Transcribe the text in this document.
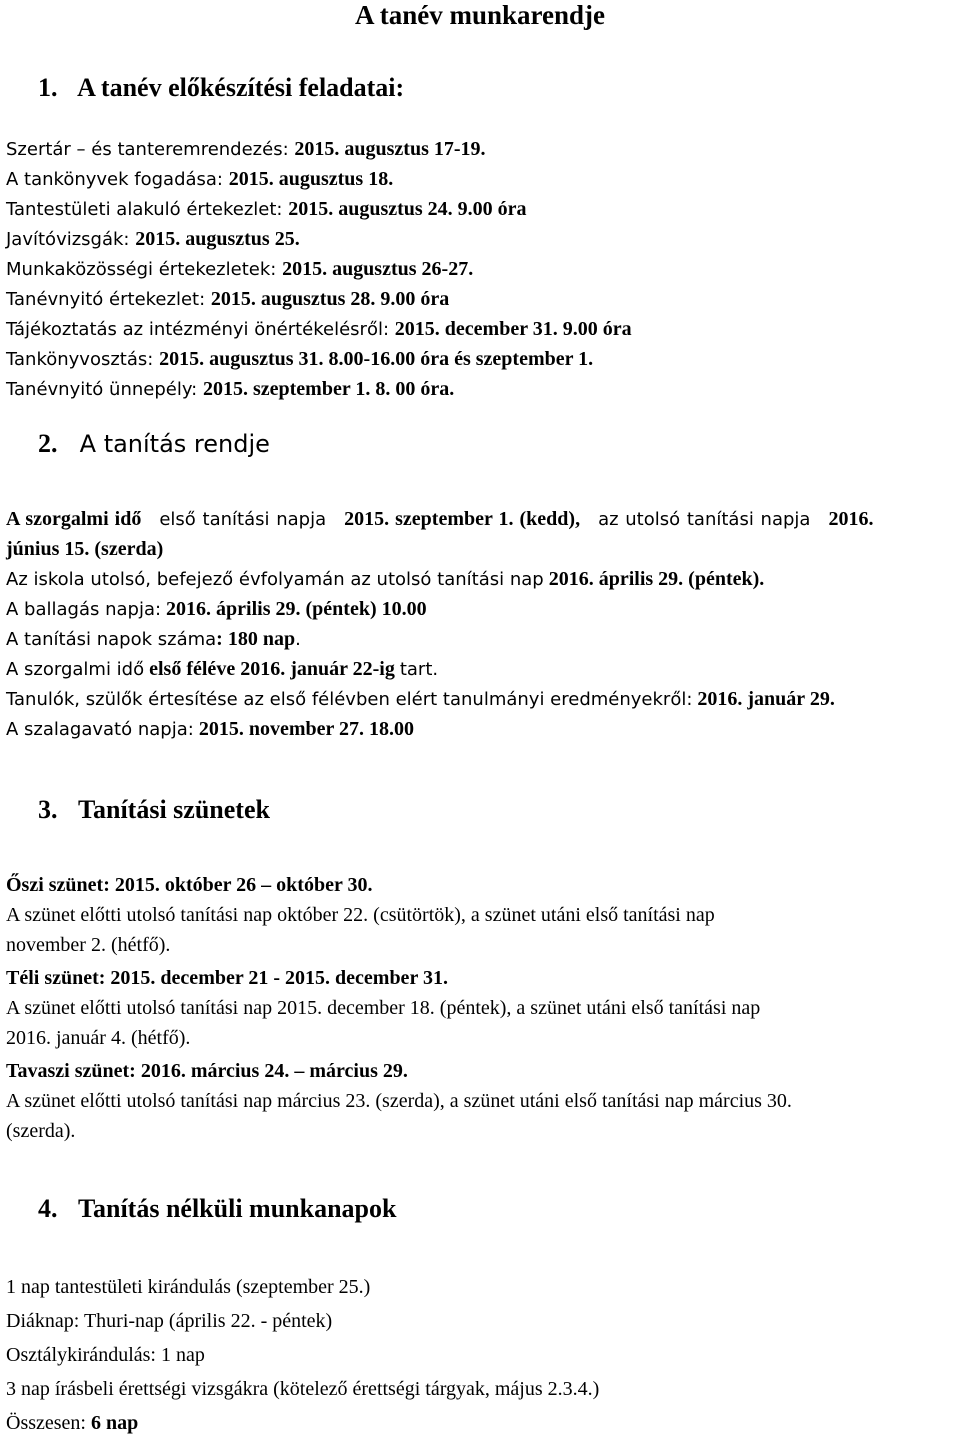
A tanév munkarendje
1. A tanév előkészítési feladatai:
Szertár – és tanteremrendezés: 2015. augusztus 17-19.
A tankönyvek fogadása: 2015. augusztus 18.
Tantestületi alakuló értekezlet: 2015. augusztus 24. 9.00 óra
Javítóvizsgák: 2015. augusztus 25.
Munkaközösségi értekezletek: 2015. augusztus 26-27.
Tanévnyitó értekezlet: 2015. augusztus 28. 9.00 óra
Tájékoztatás az intézményi önértékelésről: 2015. december 31. 9.00 óra
Tankönyvosztás: 2015. augusztus 31. 8.00-16.00 óra és szeptember 1.
Tanévnyitó ünnepély: 2015. szeptember 1. 8. 00 óra.
2. A tanítás rendje
A szorgalmi idő első tanítási napja 2015. szeptember 1. (kedd), az utolsó tanítási napja 2016.
június 15. (szerda)
Az iskola utolsó, befejező évfolyamán az utolsó tanítási nap 2016. április 29. (péntek).
A ballagás napja: 2016. április 29. (péntek) 10.00
A tanítási napok száma: 180 nap.
A szorgalmi idő első féléve 2016. január 22-ig tart.
Tanulók, szülők értesítése az első félévben elért tanulmányi eredményekről: 2016. január 29.
A szalagavató napja: 2015. november 27. 18.00
3. Tanítási szünetek
Őszi szünet: 2015. október 26 – október 30.
A szünet előtti utolsó tanítási nap október 22. (csütörtök), a szünet utáni első tanítási nap
november 2. (hétfő).
Téli szünet: 2015. december 21 - 2015. december 31.
A szünet előtti utolsó tanítási nap 2015. december 18. (péntek), a szünet utáni első tanítási nap
2016. január 4. (hétfő).
Tavaszi szünet: 2016. március 24. – március 29.
A szünet előtti utolsó tanítási nap március 23. (szerda), a szünet utáni első tanítási nap március 30.
(szerda).
4. Tanítás nélküli munkanapok
1 nap tantestületi kirándulás (szeptember 25.)
Diáknap: Thuri-nap (április 22. - péntek)
Osztálykirándulás: 1 nap
3 nap írásbeli érettségi vizsgákra (kötelező érettségi tárgyak, május 2.3.4.)
Összesen: 6 nap
